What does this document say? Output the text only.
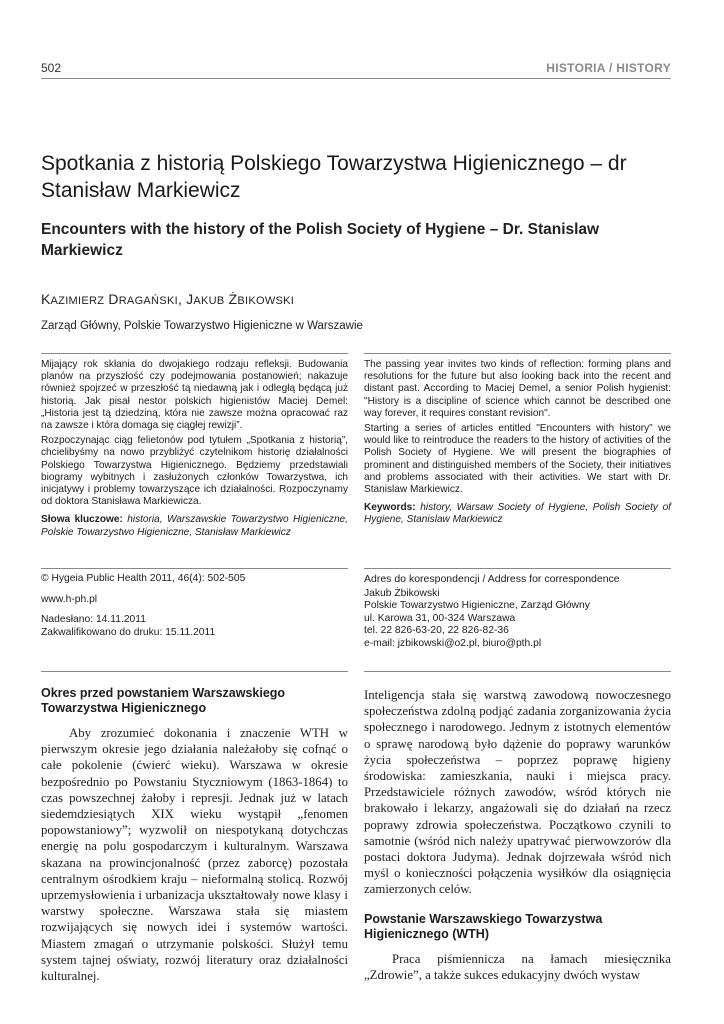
502	HISTORIA / HISTORY
Spotkania z historią Polskiego Towarzystwa Higienicznego – dr Stanisław Markiewicz
Encounters with the history of the Polish Society of Hygiene – Dr. Stanislaw Markiewicz
KAZIMIERZ DRAGAŃSKI, JAKUB ŻBIKOWSKI
Zarząd Główny, Polskie Towarzystwo Higieniczne w Warszawie

Mijający rok skłania do dwojakiego rodzaju refleksji. Budowania planów na przyszłość czy podejmowania postanowień; nakazuje również spojrzeć w przeszłość tą niedawną jak i odległą będącą już historią. Jak pisał nestor polskich higienistów Maciej Demel: „Historia jest tą dziedziną, która nie zawsze można opracować raz na zawsze i która domaga się ciągłej rewizji”.

Rozpoczynając ciąg felietonów pod tytułem „Spotkania z historią”, chcielibyśmy na nowo przybliżyć czytelnikom historię działalności Polskiego Towarzystwa Higienicznego. Będziemy przedstawiali biogramy wybitnych i zasłużonych członków Towarzystwa, ich inicjatywy i problemy towarzyszące ich działalności. Rozpoczynamy od doktora Stanisława Markiewicza.

Słowa kluczowe: historia, Warszawskie Towarzystwo Higieniczne, Polskie Towarzystwo Higieniczne, Stanisław Markiewicz

The passing year invites two kinds of reflection: forming plans and resolutions for the future but also looking back into the recent and distant past. According to Maciej Demel, a senior Polish hygienist: "History is a discipline of science which cannot be described one way forever, it requires constant revision".

Starting a series of articles entitled "Encounters with history" we would like to reintroduce the readers to the history of activities of the Polish Society of Hygiene. We will present the biographies of prominent and distinguished members of the Society, their initiatives and problems associated with their activities. We start with Dr. Stanislaw Markiewicz.

Keywords: history, Warsaw Society of Hygiene, Polish Society of Hygiene, Stanislaw Markiewicz

© Hygeia Public Health 2011, 46(4): 502-505
www.h-ph.pl
Nadesłano: 14.11.2011
Zakwalifikowano do druku: 15.11.2011
Adres do korespondencji / Address for correspondence
Jakub Żbikowski
Polskie Towarzystwo Higieniczne, Zarząd Główny
ul. Karowa 31, 00-324 Warszawa
tel. 22 826-63-20, 22 826-82-36
e-mail: jzbikowski@o2.pl, biuro@pth.pl
Okres przed powstaniem Warszawskiego Towarzystwa Higienicznego

Aby zrozumieć dokonania i znaczenie WTH w pierwszym okresie jego działania należałoby się cofnąć o całe pokolenie (ćwierć wieku). Warszawa w okresie bezpośrednio po Powstaniu Styczniowym (1863-1864) to czas powszechnej żałoby i represji. Jednak już w latach siedemdziesiątych XIX wieku wystąpił „fenomen popowstaniowy”; wyzwolił on niespotykaną dotychczas energię na polu gospodarczym i kulturalnym. Warszawa skazana na prowincjonalność (przez zaborcę) pozostała centralnym ośrodkiem kraju – nieformalną stolicą. Rozwój uprzemysłowienia i urbanizacja ukształtowały nowe klasy i warstwy społeczne. Warszawa stała się miastem rozwijających się nowych idei i systemów wartości. Miastem zmagań o utrzymanie polskości. Służył temu system tajnej oświaty, rozwój literatury oraz działalności kulturalnej.

Inteligencja stała się warstwą zawodową nowoczesnego społeczeństwa zdolną podjąć zadania zorganizowania życia społecznego i narodowego. Jednym z istotnych elementów o sprawę narodową było dążenie do poprawy warunków życia społeczeństwa – poprzez poprawę higieny środowiska: zamieszkania, nauki i miejsca pracy. Przedstawiciele różnych zawodów, wśród których nie brakowało i lekarzy, angażowali się do działań na rzecz poprawy zdrowia społeczeństwa. Początkowo czynili to samotnie (wśród nich należy upatrywać pierwowzorów dla postaci doktora Judyma). Jednak dojrzewała wśród nich myśl o konieczności połączenia wysiłków dla osiągnięcia zamierzonych celów.

Powstanie Warszawskiego Towarzystwa Higienicznego (WTH)

Praca piśmiennicza na łamach miesięcznika „Zdrowie”, a także sukces edukacyjny dwóch wystaw
